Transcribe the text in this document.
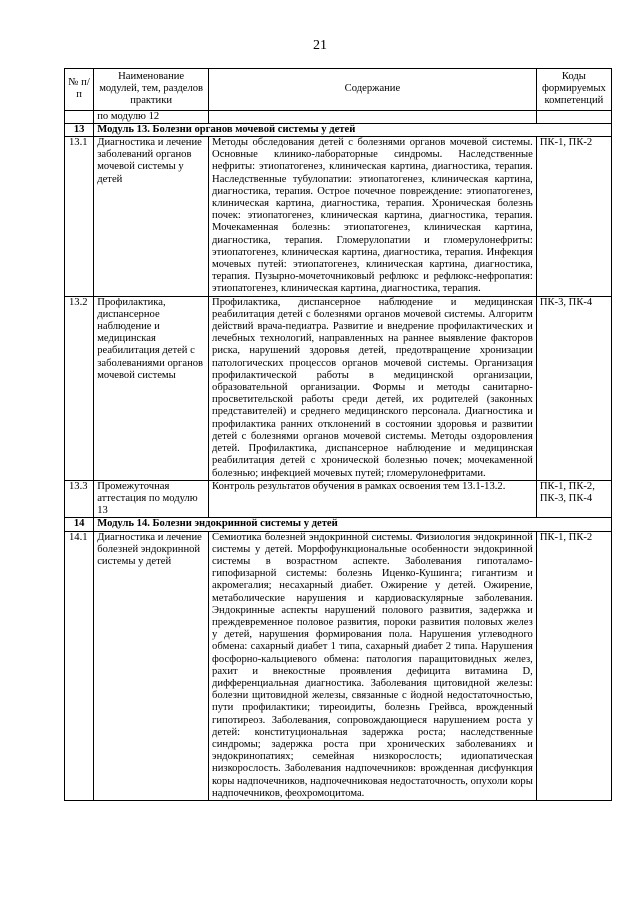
21
№ п/п	Наименование модулей, тем, разделов практики	Содержание	Коды формируемых компетенций
	по модулю 12		
13	Модуль 13. Болезни органов мочевой системы у детей		
13.1	Диагностика и лечение заболеваний органов мочевой системы у детей	Методы обследования детей с болезнями органов мочевой системы. Основные клинико-лабораторные синдромы. Наследственные нефриты: этиопатогенез, клиническая картина, диагностика, терапия. Наследственные тубулопатии: этиопатогенез, клиническая картина, диагностика, терапия. Острое почечное повреждение: этиопатогенез, клиническая картина, диагностика, терапия. Хроническая болезнь почек: этиопатогенез, клиническая картина, диагностика, терапия. Мочекаменная болезнь: этиопатогенез, клиническая картина, диагностика, терапия. Гломерулопатии и гломерулонефриты: этиопатогенез, клиническая картина, диагностика, терапия. Инфекция мочевых путей: этиопатогенез, клиническая картина, диагностика, терапия. Пузырно-мочеточниковый рефлюкс и рефлюкс-нефропатия: этиопатогенез, клиническая картина, диагностика, терапия.	ПК-1, ПК-2
13.2	Профилактика, диспансерное наблюдение и медицинская реабилитация детей с заболеваниями органов мочевой системы	Профилактика, диспансерное наблюдение и медицинская реабилитация детей с болезнями органов мочевой системы. Алгоритм действий врача-педиатра. Развитие и внедрение профилактических и лечебных технологий, направленных на раннее выявление факторов риска, нарушений здоровья детей, предотвращение хронизации патологических процессов органов мочевой системы. Организация профилактической работы в медицинской организации, образовательной организации. Формы и методы санитарно-просветительской работы среди детей, их родителей (законных представителей) и среднего медицинского персонала. Диагностика и профилактика ранних отклонений в состоянии здоровья и развитии детей с болезнями органов мочевой системы. Методы оздоровления детей. Профилактика, диспансерное наблюдение и медицинская реабилитация детей с хронической болезнью почек; мочекаменной болезнью; инфекцией мочевых путей; гломерулонефритами.	ПК-3, ПК-4
13.3	Промежуточная аттестация по модулю 13	Контроль результатов обучения в рамках освоения тем 13.1-13.2.	ПК-1, ПК-2, ПК-3, ПК-4
14	Модуль 14. Болезни эндокринной системы у детей		
14.1	Диагностика и лечение болезней эндокринной системы у детей	Семиотика болезней эндокринной системы. Физиология эндокринной системы у детей. Морфофункциональные особенности эндокринной системы в возрастном аспекте. Заболевания гипоталамо-гипофизарной системы: болезнь Иценко-Кушинга; гигантизм и акромегалия; несахарный диабет. Ожирение у детей. Ожирение, метаболические нарушения и кардиоваскулярные заболевания. Эндокринные аспекты нарушений полового развития, задержка и преждевременное половое развития, пороки развития половых желез у детей, нарушения формирования пола. Нарушения углеводного обмена: сахарный диабет 1 типа, сахарный диабет 2 типа. Нарушения фосфорно-кальциевого обмена: патология паращитовидных желез, рахит и внекостные проявления дефицита витамина D, дифференциальная диагностика. Заболевания щитовидной железы: болезни щитовидной железы, связанные с йодной недостаточностью, пути профилактики; тиреоидиты, болезнь Грейвса, врожденный гипотиреоз. Заболевания, сопровождающиеся нарушением роста у детей: конституциональная задержка роста; наследственные синдромы; задержка роста при хронических заболеваниях и эндокринопатиях; семейная низкорослость; идиопатическая низкорослость. Заболевания надпочечников: врожденная дисфункция коры надпочечников, надпочечниковая недостаточность, опухоли коры надпочечников, феохромоцитома.	ПК-1, ПК-2
